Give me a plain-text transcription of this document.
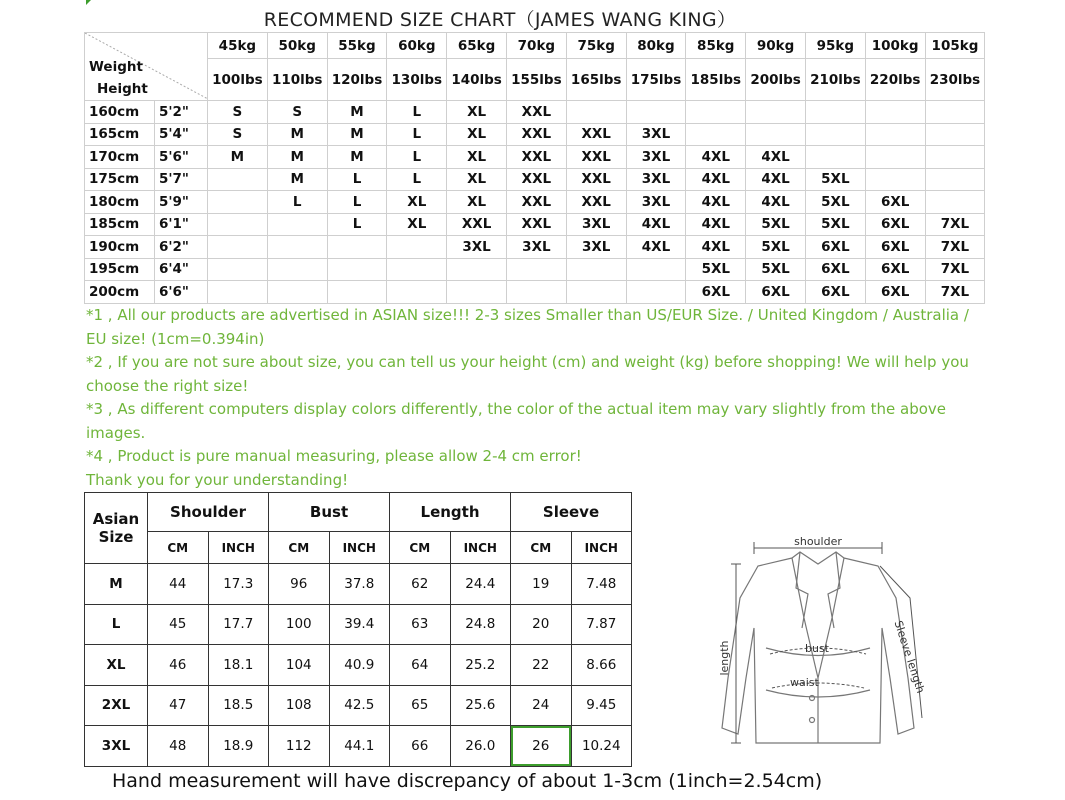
RECOMMEND SIZE CHART（JAMES WANG KING）
Weight
Height		45kg	50kg	55kg	60kg	65kg	70kg	75kg	80kg	85kg	90kg	95kg	100kg	105kg
		100lbs	110lbs	120lbs	130lbs	140lbs	155lbs	165lbs	175lbs	185lbs	200lbs	210lbs	220lbs	230lbs
160cm	5'2"	S	S	M	L	XL	XXL							
165cm	5'4"	S	M	M	L	XL	XXL	XXL	3XL					
170cm	5'6"	M	M	M	L	XL	XXL	XXL	3XL	4XL	4XL			
175cm	5'7"		M	L	L	XL	XXL	XXL	3XL	4XL	4XL	5XL		
180cm	5'9"		L	L	XL	XL	XXL	XXL	3XL	4XL	4XL	5XL	6XL	
185cm	6'1"			L	XL	XXL	XXL	3XL	4XL	4XL	5XL	5XL	6XL	7XL
190cm	6'2"					3XL	3XL	3XL	4XL	4XL	5XL	6XL	6XL	7XL
195cm	6'4"									5XL	5XL	6XL	6XL	7XL
200cm	6'6"									6XL	6XL	6XL	6XL	7XL

*1 , All our products are advertised in ASIAN size!!! 2-3 sizes Smaller than US/EUR Size. / United Kingdom / Australia / EU size! (1cm=0.394in)

*2 , If you are not sure about size, you can tell us your height (cm) and weight (kg) before shopping! We will help you choose the right size!

*3 , As different computers display colors differently, the color of the actual item may vary slightly from the above images.

*4 , Product is pure manual measuring, please allow 2-4 cm error!

Thank you for your understanding!

Asian
Size	Shoulder		Bust		Length		Sleeve	
	CM	INCH	CM	INCH	CM	INCH	CM	INCH
M	44	17.3	96	37.8	62	24.4	19	7.48
L	45	17.7	100	39.4	63	24.8	20	7.87
XL	46	18.1	104	40.9	64	25.2	22	8.66
2XL	47	18.5	108	42.5	65	25.6	24	9.45
3XL	48	18.9	112	44.1	66	26.0	26	10.24
shoulder
length	bust
waist	Sleeve length
Hand measurement will have discrepancy of about 1-3cm (1inch=2.54cm)
